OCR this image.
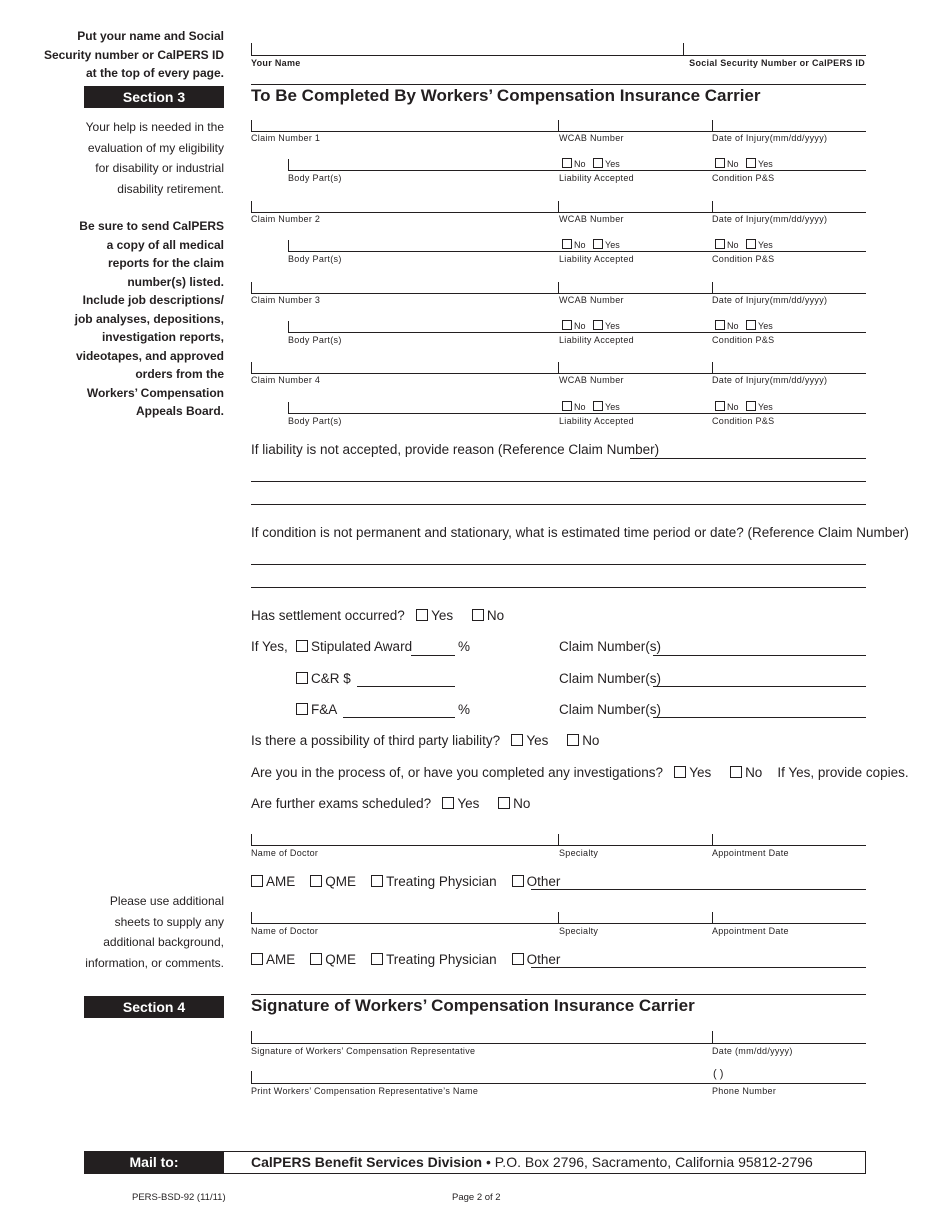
Put your name and Social
Security number or CalPERS ID
at the top of every page.
Your Name	Social Security Number or CalPERS ID
Section 3	To Be Completed By Workers’ Compensation Insurance Carrier
Your help is needed in the
evaluation of my eligibility
for disability or industrial
disability retirement.
Be sure to send CalPERS
a copy of all medical
reports for the claim
number(s) listed.
Include job descriptions/
job analyses, depositions,
investigation reports,
videotapes, and approved
orders from the
Workers’ Compensation
Appeals Board.
Claim Number 1	WCAB Number	Date of Injury(mm/dd/yyyy)
No Yes	No Yes
Body Part(s)	Liability Accepted	Condition P&S
Claim Number 2	WCAB Number	Date of Injury(mm/dd/yyyy)
No Yes	No Yes
Body Part(s)	Liability Accepted	Condition P&S
Claim Number 3	WCAB Number	Date of Injury(mm/dd/yyyy)
No Yes	No Yes
Body Part(s)	Liability Accepted	Condition P&S
Claim Number 4	WCAB Number	Date of Injury(mm/dd/yyyy)
No Yes	No Yes
Body Part(s)	Liability Accepted	Condition P&S
If liability is not accepted, provide reason (Reference Claim Number)
If condition is not permanent and stationary, what is estimated time period or date? (Reference Claim Number)
Has settlement occurred? Yes	No
If Yes,	Stipulated Award	%	Claim Number(s)
C&R $	Claim Number(s)
F&A	%	Claim Number(s)
Is there a possibility of third party liability? Yes	No
Are you in the process of, or have you completed any investigations? Yes	No If Yes, provide copies.
Are further exams scheduled? Yes	No
Name of Doctor	Specialty	Appointment Date
AME QME Treating Physician Other
Please use additional
sheets to supply any
additional background,
information, or comments.
Name of Doctor	Specialty	Appointment Date
AME QME Treating Physician Other
Section 4	Signature of Workers’ Compensation Insurance Carrier
Signature of Workers’ Compensation Representative	Date (mm/dd/yyyy)
( )
Print Workers’ Compensation Representative’s Name	Phone Number
Mail to:	CalPERS Benefit Services Division • P.O. Box 2796, Sacramento, California 95812-2796
PERS-BSD-92 (11/11)	Page 2 of 2
